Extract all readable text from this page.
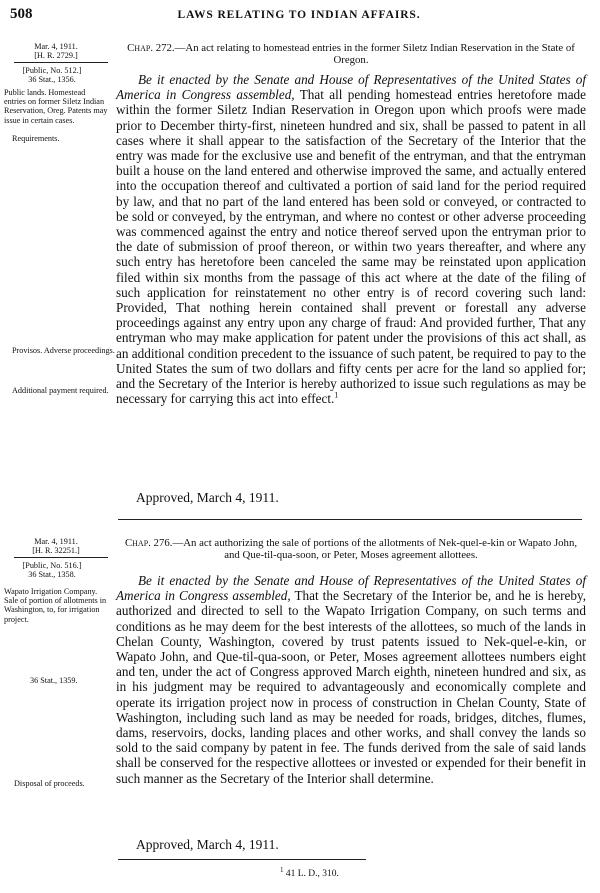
508	LAWS RELATING TO INDIAN AFFAIRS.
Mar. 4, 1911.
[H. R. 2729.]
[Public, No. 512.]
36 Stat., 1356.
Public lands. Homestead entries on former Siletz Indian Reservation, Oreg. Patents may issue in certain cases.
Requirements.
Provisos. Adverse proceedings.
Additional payment required.
Chap. 272.—An act relating to homestead entries in the former Siletz Indian Reservation in the State of Oregon.

Be it enacted by the Senate and House of Representatives of the United States of America in Congress assembled, That all pending homestead entries heretofore made within the former Siletz Indian Reservation in Oregon upon which proofs were made prior to December thirty-first, nineteen hundred and six, shall be passed to patent in all cases where it shall appear to the satisfaction of the Secretary of the Interior that the entry was made for the exclusive use and benefit of the entryman, and that the entryman built a house on the land entered and otherwise improved the same, and actually entered into the occupation thereof and cultivated a portion of said land for the period required by law, and that no part of the land entered has been sold or conveyed, or contracted to be sold or conveyed, by the entryman, and where no contest or other adverse proceeding was commenced against the entry and notice thereof served upon the entryman prior to the date of submission of proof thereon, or within two years thereafter, and where any such entry has heretofore been canceled the same may be reinstated upon application filed within six months from the passage of this act where at the date of the filing of such application for reinstatement no other entry is of record covering such land: Provided, That nothing herein contained shall prevent or forestall any adverse proceedings against any entry upon any charge of fraud: And provided further, That any entryman who may make application for patent under the provisions of this act shall, as an additional condition precedent to the issuance of such patent, be required to pay to the United States the sum of two dollars and fifty cents per acre for the land so applied for; and the Secretary of the Interior is hereby authorized to issue such regulations as may be necessary for carrying this act into effect.$^1$

Approved, March 4, 1911.
Mar. 4, 1911.
[H. R. 32251.]
[Public, No. 516.]
36 Stat., 1358.
Wapato Irrigation Company. Sale of portion of allotments in Washington, to, for irrigation project.
36 Stat., 1359.
Disposal of proceeds.
Chap. 276.—An act authorizing the sale of portions of the allotments of Nek-quel-e-kin or Wapato John, and Que-til-qua-soon, or Peter, Moses agreement allottees.

Be it enacted by the Senate and House of Representatives of the United States of America in Congress assembled, That the Secretary of the Interior be, and he is hereby, authorized and directed to sell to the Wapato Irrigation Company, on such terms and conditions as he may deem for the best interests of the allottees, so much of the lands in Chelan County, Washington, covered by trust patents issued to Nek-quel-e-kin, or Wapato John, and Que-til-qua-soon, or Peter, Moses agreement allottees numbers eight and ten, under the act of Congress approved March eighth, nineteen hundred and six, as in his judgment may be required to advantageously and economically complete and operate its irrigation project now in process of construction in Chelan County, State of Washington, including such land as may be needed for roads, bridges, ditches, flumes, dams, reservoirs, docks, landing places and other works, and shall convey the lands so sold to the said company by patent in fee. The funds derived from the sale of said lands shall be conserved for the respective allottees or invested or expended for their benefit in such manner as the Secretary of the Interior shall determine.

Approved, March 4, 1911.
$^1$ 41 L. D., 310.
